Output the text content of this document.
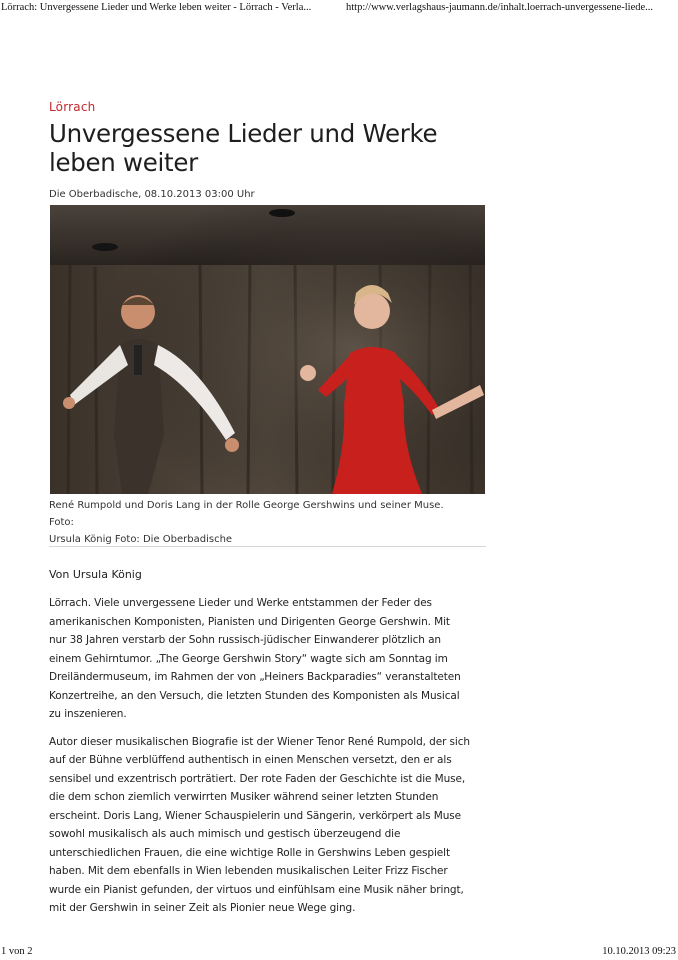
Lörrach: Unvergessene Lieder und Werke leben weiter - Lörrach - Verla...	http://www.verlagshaus-jaumann.de/inhalt.loerrach-unvergessene-liede...
Lörrach
Unvergessene Lieder und Werke
leben weiter
Die Oberbadische, 08.10.2013 03:00 Uhr
René Rumpold und Doris Lang in der Rolle George Gershwins und seiner Muse. Foto:
Ursula König Foto: Die Oberbadische
Von Ursula König

Lörrach. Viele unvergessene Lieder und Werke entstammen der Feder des
amerikanischen Komponisten, Pianisten und Dirigenten George Gershwin. Mit
nur 38 Jahren verstarb der Sohn russisch-jüdischer Einwanderer plötzlich an
einem Gehirntumor. „The George Gershwin Story“ wagte sich am Sonntag im
Dreiländermuseum, im Rahmen der von „Heiners Backparadies“ veranstalteten
Konzertreihe, an den Versuch, die letzten Stunden des Komponisten als Musical
zu inszenieren.

Autor dieser musikalischen Biografie ist der Wiener Tenor René Rumpold, der sich
auf der Bühne verblüffend authentisch in einen Menschen versetzt, den er als
sensibel und exzentrisch porträtiert. Der rote Faden der Geschichte ist die Muse,
die dem schon ziemlich verwirrten Musiker während seiner letzten Stunden
erscheint. Doris Lang, Wiener Schauspielerin und Sängerin, verkörpert als Muse
sowohl musikalisch als auch mimisch und gestisch überzeugend die
unterschiedlichen Frauen, die eine wichtige Rolle in Gershwins Leben gespielt
haben. Mit dem ebenfalls in Wien lebenden musikalischen Leiter Frizz Fischer
wurde ein Pianist gefunden, der virtuos und einfühlsam eine Musik näher bringt,
mit der Gershwin in seiner Zeit als Pionier neue Wege ging.

1 von 2	10.10.2013 09:23
